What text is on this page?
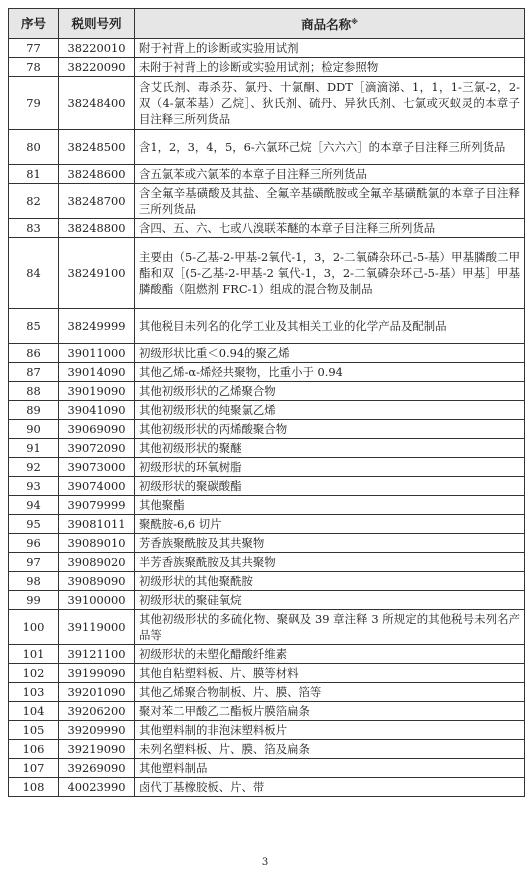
序号	税则号列	商品名称※
77	38220010	附于衬背上的诊断或实验用试剂
78	38220090	未附于衬背上的诊断或实验用试剂；检定参照物
79	38248400	含艾氏剂、毒杀芬、氯丹、十氯酮、DDT［滴滴涕、1，1，1-三氯-2，2-双（4-氯苯基）乙烷］、狄氏剂、硫丹、异狄氏剂、七氯或灭蚁灵的本章子目注释三所列货品
80	38248500	含1，2，3，4，5，6-六氯环己烷［六六六］的本章子目注释三所列货品
81	38248600	含五氯苯或六氯苯的本章子目注释三所列货品
82	38248700	含全氟辛基磺酸及其盐、全氟辛基磺酰胺或全氟辛基磺酰氯的本章子目注释三所列货品
83	38248800	含四、五、六、七或八溴联苯醚的本章子目注释三所列货品
84	38249100	主要由（5-乙基-2-甲基-2氧代-1，3，2-二氧磷杂环己-5-基）甲基膦酸二甲酯和双［(5-乙基-2-甲基-2 氧代-1，3，2-二氧磷杂环己-5-基）甲基］甲基膦酸酯（阻燃剂 FRC-1）组成的混合物及制品
85	38249999	其他税目未列名的化学工业及其相关工业的化学产品及配制品
86	39011000	初级形状比重＜0.94的聚乙烯
87	39014090	其他乙烯-α-烯烃共聚物，比重小于 0.94
88	39019090	其他初级形状的乙烯聚合物
89	39041090	其他初级形状的纯聚氯乙烯
90	39069090	其他初级形状的丙烯酸聚合物
91	39072090	其他初级形状的聚醚
92	39073000	初级形状的环氧树脂
93	39074000	初级形状的聚碳酸酯
94	39079999	其他聚酯
95	39081011	聚酰胺-6,6 切片
96	39089010	芳香族聚酰胺及其共聚物
97	39089020	半芳香族聚酰胺及其共聚物
98	39089090	初级形状的其他聚酰胺
99	39100000	初级形状的聚硅氧烷
100	39119000	其他初级形状的多硫化物、聚砜及 39 章注释 3 所规定的其他税号未列名产品等
101	39121100	初级形状的未塑化醋酸纤维素
102	39199090	其他自粘塑料板、片、膜等材料
103	39201090	其他乙烯聚合物制板、片、膜、箔等
104	39206200	聚对苯二甲酸乙二酯板片膜箔扁条
105	39209990	其他塑料制的非泡沫塑料板片
106	39219090	未列名塑料板、片、膜、箔及扁条
107	39269090	其他塑料制品
108	40023990	卤代丁基橡胶板、片、带
3
